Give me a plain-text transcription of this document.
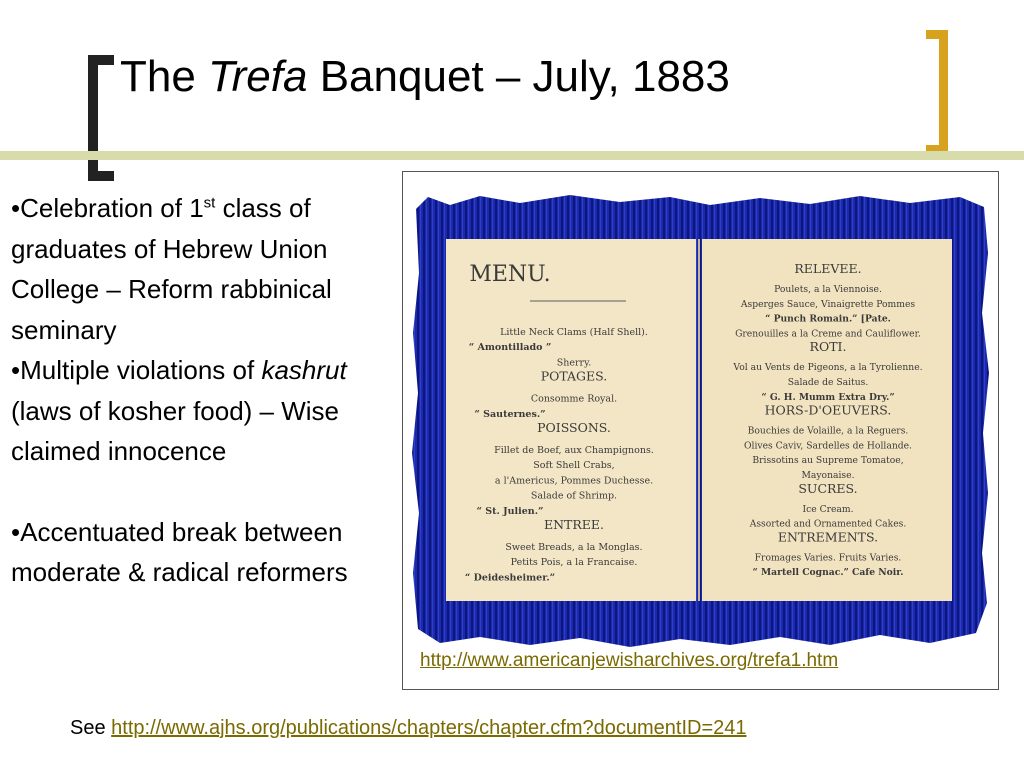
The Trefa Banquet – July, 1883

•Celebration of 1st class of graduates of Hebrew Union College – Reform rabbinical seminary

•Multiple violations of kashrut (laws of kosher food) – Wise claimed innocence

•Accentuated break between moderate & radical reformers

MENU.
Little Neck Clams (Half Shell).
“ Amontillado ”
Sherry.
POTAGES.
Consomme Royal.
“ Sauternes.”
POISSONS.
Fillet de Boef, aux Champignons.
Soft Shell Crabs,
a l'Americus, Pommes Duchesse.
Salade of Shrimp.
“ St. Julien.”
ENTREE.
Sweet Breads, a la Monglas.
Petits Pois, a la Francaise.
“ Deidesheimer.”
RELEVEE.
Poulets, a la Viennoise.
Asperges Sauce, Vinaigrette Pommes
“ Punch Romain.” [Pate.
Grenouilles a la Creme and Cauliflower.
ROTI.
Vol au Vents de Pigeons, a la Tyrolienne.
Salade de Saitus.
“ G. H. Mumm Extra Dry.”
HORS-D'OEUVERS.
Bouchies de Volaille, a la Reguers.
Olives Caviv, Sardelles de Hollande.
Brissotins au Supreme Tomatoe,
Mayonaise.
SUCRES.
Ice Cream.
Assorted and Ornamented Cakes.
ENTREMENTS.
Fromages Varies. Fruits Varies.
“ Martell Cognac.” Cafe Noir.
http://www.americanjewisharchives.org/trefa1.htm
See http://www.ajhs.org/publications/chapters/chapter.cfm?documentID=241
